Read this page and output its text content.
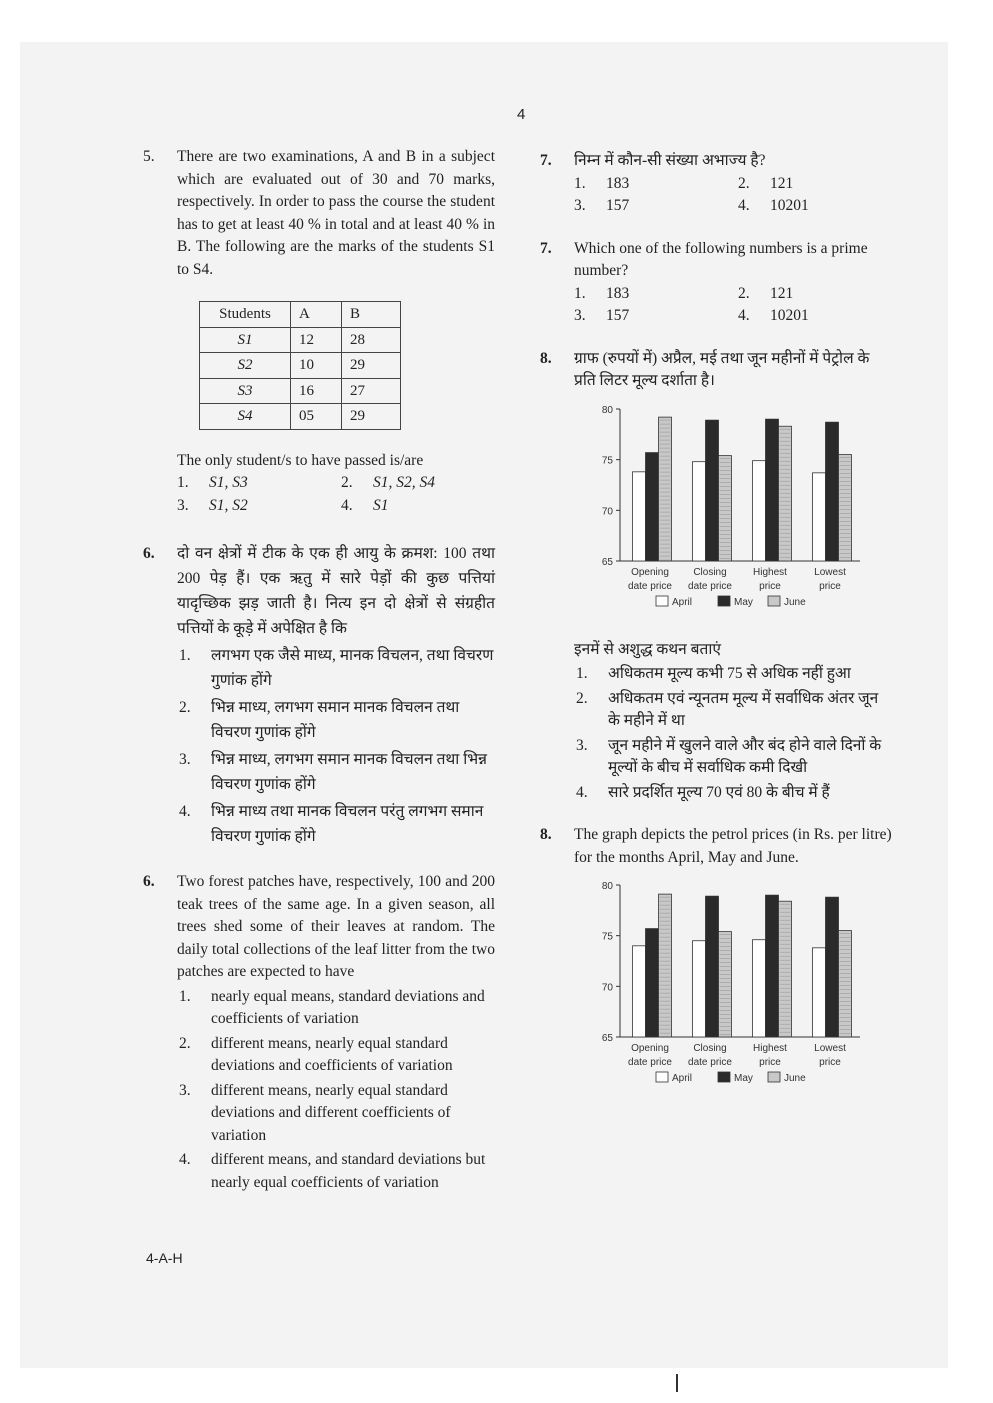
4
5. There are two examinations, A and B in a subject which are evaluated out of 30 and 70 marks, respectively. In order to pass the course the student has to get at least 40 % in total and at least 40 % in B. The following are the marks of the students S1 to S4.
Students	A	B
S1	12	28
S2	10	29
S3	16	27
S4	05	29
The only student/s to have passed is/are
1. S1, S3	2. S1, S2, S4
3. S1, S2	4. S1
6. दो वन क्षेत्रों में टीक के एक ही आयु के क्रमश: 100 तथा 200 पेड़ हैं। एक ऋतु में सारे पेड़ों की कुछ पत्तियां यादृच्छिक झड़ जाती है। नित्य इन दो क्षेत्रों से संग्रहीत पत्तियों के कूड़े में अपेक्षित है कि
1. लगभग एक जैसे माध्य, मानक विचलन, तथा विचरण गुणांक होंगे
2. भिन्न माध्य, लगभग समान मानक विचलन तथा विचरण गुणांक होंगे
3. भिन्न माध्य, लगभग समान मानक विचलन तथा भिन्न विचरण गुणांक होंगे
4. भिन्न माध्य तथा मानक विचलन परंतु लगभग समान विचरण गुणांक होंगे
6. Two forest patches have, respectively, 100 and 200 teak trees of the same age. In a given season, all trees shed some of their leaves at random. The daily total collections of the leaf litter from the two patches are expected to have
1. nearly equal means, standard deviations and coefficients of variation
2. different means, nearly equal standard deviations and coefficients of variation
3. different means, nearly equal standard deviations and different coefficients of variation
4. different means, and standard deviations but nearly equal coefficients of variation
7. निम्न में कौन-सी संख्या अभाज्य है?
1. 183	2. 121
3. 157	4. 10201
7. Which one of the following numbers is a prime number?
1. 183	2. 121
3. 157	4. 10201
8. ग्राफ (रुपयों में) अप्रैल, मई तथा जून महीनों में पेट्रोल के प्रति लिटर मूल्य दर्शाता है।
65
70
75
80
Opening
date price
Closing
date price
Highest
price
Lowest
price
April	May	June
इनमें से अशुद्ध कथन बताएं
1. अधिकतम मूल्य कभी 75 से अधिक नहीं हुआ
2. अधिकतम एवं न्यूनतम मूल्य में सर्वाधिक अंतर जून के महीने में था
3. जून महीने में खुलने वाले और बंद होने वाले दिनों के मूल्यों के बीच में सर्वाधिक कमी दिखी
4. सारे प्रदर्शित मूल्य 70 एवं 80 के बीच में हैं
8. The graph depicts the petrol prices (in Rs. per litre) for the months April, May and June.
65
70
75
80
Opening
date price
Closing
date price
Highest
price
Lowest
price
April	May	June
4-A-H
